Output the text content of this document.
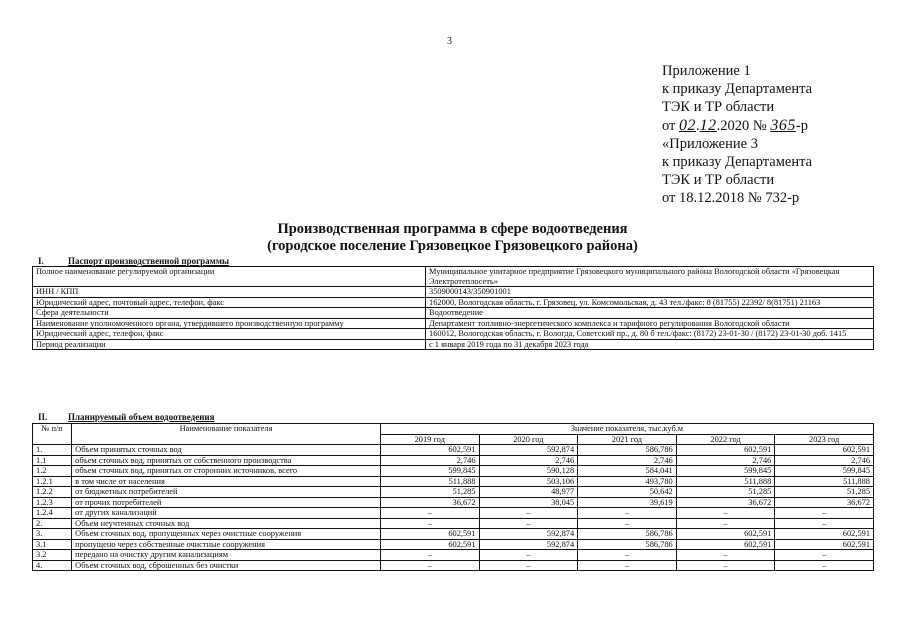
3
Приложение 1
к приказу Департамента
ТЭК и ТР области
от 02.12.2020 № 365-р
«Приложение 3
к приказу Департамента
ТЭК и ТР области
от 18.12.2018 № 732-р
Производственная программа в сфере водоотведения
(городское поселение Грязовецкое Грязовецкого района)
I.	Паспорт производственной программы
Полное наименование регулируемой организации	Муниципальное унитарное предприятие Грязовецкого муниципального района Вологодской области «Грязовецкая Электротеплосеть»
ИНН / КПП	3509000143/350901001
Юридический адрес, почтовый адрес, телефон, факс	162000, Вологодская область, г. Грязовец, ул. Комсомольская, д. 43 тел./факс: 8 (81755) 22392/ 8(81751) 21163
Сфера деятельности	Водоотведение
Наименование уполномоченного органа, утвердившего производственную программу	Департамент топливно-энергетического комплекса и тарифного регулирования Вологодской области
Юридический адрес, телефон, факс	160012, Вологодская область, г. Вологда, Советский пр., д. 80 б тел./факс: (8172) 23-01-30 / (8172) 23-01-30 доб. 1415
Период реализации	с 1 января 2019 года по 31 декабря 2023 года
II. Планируемый объем водоотведения
№ п/п	Наименование показателя	Значение показателя, тыс.куб.м				
		2019 год	2020 год	2021 год	2022 год	2023 год
1.	Объем принятых сточных вод	602,591	592,874	586,786	602,591	602,591
1.1	объем сточных вод, принятых от собственного производства	2,746	2,746	2,746	2,746	2,746
1.2	объем сточных вод, принятых от сторонних источников, всего	599,845	590,128	584,041	599,845	599,845
1.2.1	в том числе от населения	511,888	503,106	493,780	511,888	511,888
1.2.2	от бюджетных потребителей	51,285	48,977	50,642	51,285	51,285
1.2.3	от прочих потребителей	36,672	38,045	39,619	36,672	36,672
1.2.4	от других канализаций	–	–	–	–	–
2.	Объем неучтенных сточных вод	–	–	–	–	–
3.	Объем сточных вод, пропущенных через очистные сооружения	602,591	592,874	586,786	602,591	602,591
3.1	пропущено через собственные очистные сооружения	602,591	592,874	586,786	602,591	602,591
3.2	передано на очистку другим канализациям	–	–	–	–	–
4.	Объем сточных вод, сброшенных без очистки	–	–	–	–	–
